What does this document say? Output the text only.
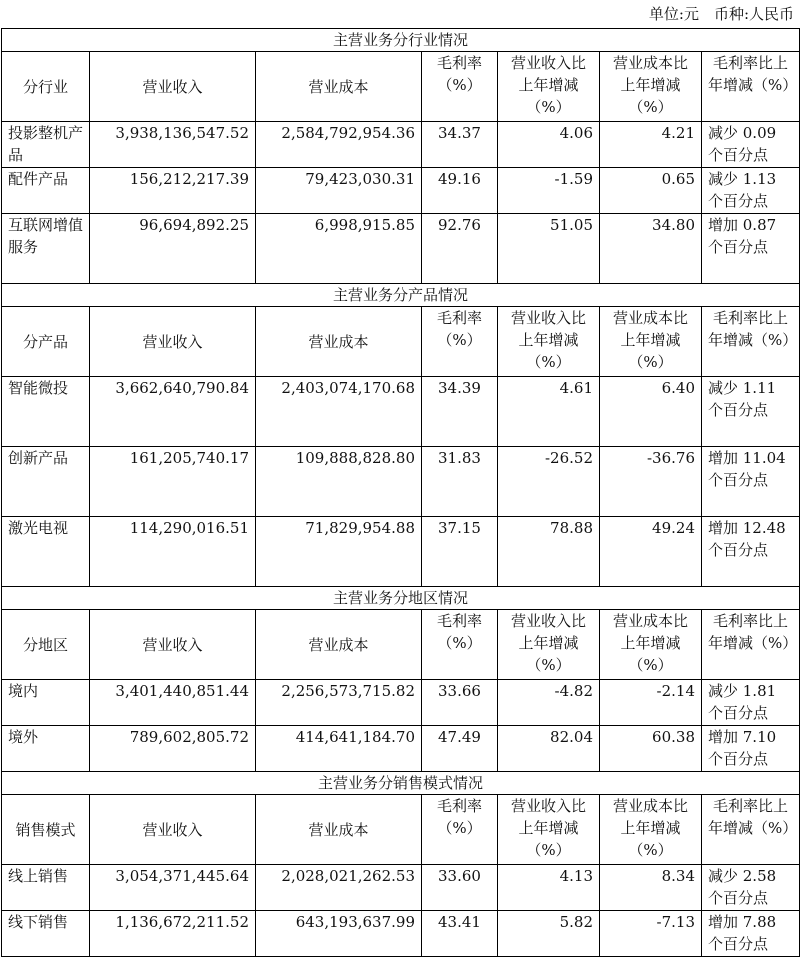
单位:元　币种:人民币
主营业务分行业情况						
分行业	营业收入	营业成本	毛利率（%）	营业收入比上年增减（%）	营业成本比上年增减（%）	毛利率比上年增减（%）
投影整机产品	3,938,136,547.52	2,584,792,954.36	34.37	4.06	4.21	减少 0.09 个百分点
配件产品	156,212,217.39	79,423,030.31	49.16	-1.59	0.65	减少 1.13 个百分点
互联网增值服务	96,694,892.25	6,998,915.85	92.76	51.05	34.80	增加 0.87 个百分点
主营业务分产品情况						
分产品	营业收入	营业成本	毛利率（%）	营业收入比上年增减（%）	营业成本比上年增减（%）	毛利率比上年增减（%）
智能微投	3,662,640,790.84	2,403,074,170.68	34.39	4.61	6.40	减少 1.11 个百分点
创新产品	161,205,740.17	109,888,828.80	31.83	-26.52	-36.76	增加 11.04 个百分点
激光电视	114,290,016.51	71,829,954.88	37.15	78.88	49.24	增加 12.48 个百分点
主营业务分地区情况						
分地区	营业收入	营业成本	毛利率（%）	营业收入比上年增减（%）	营业成本比上年增减（%）	毛利率比上年增减（%）
境内	3,401,440,851.44	2,256,573,715.82	33.66	-4.82	-2.14	减少 1.81 个百分点
境外	789,602,805.72	414,641,184.70	47.49	82.04	60.38	增加 7.10 个百分点
主营业务分销售模式情况						
销售模式	营业收入	营业成本	毛利率（%）	营业收入比上年增减（%）	营业成本比上年增减（%）	毛利率比上年增减（%）
线上销售	3,054,371,445.64	2,028,021,262.53	33.60	4.13	8.34	减少 2.58 个百分点
线下销售	1,136,672,211.52	643,193,637.99	43.41	5.82	-7.13	增加 7.88 个百分点
